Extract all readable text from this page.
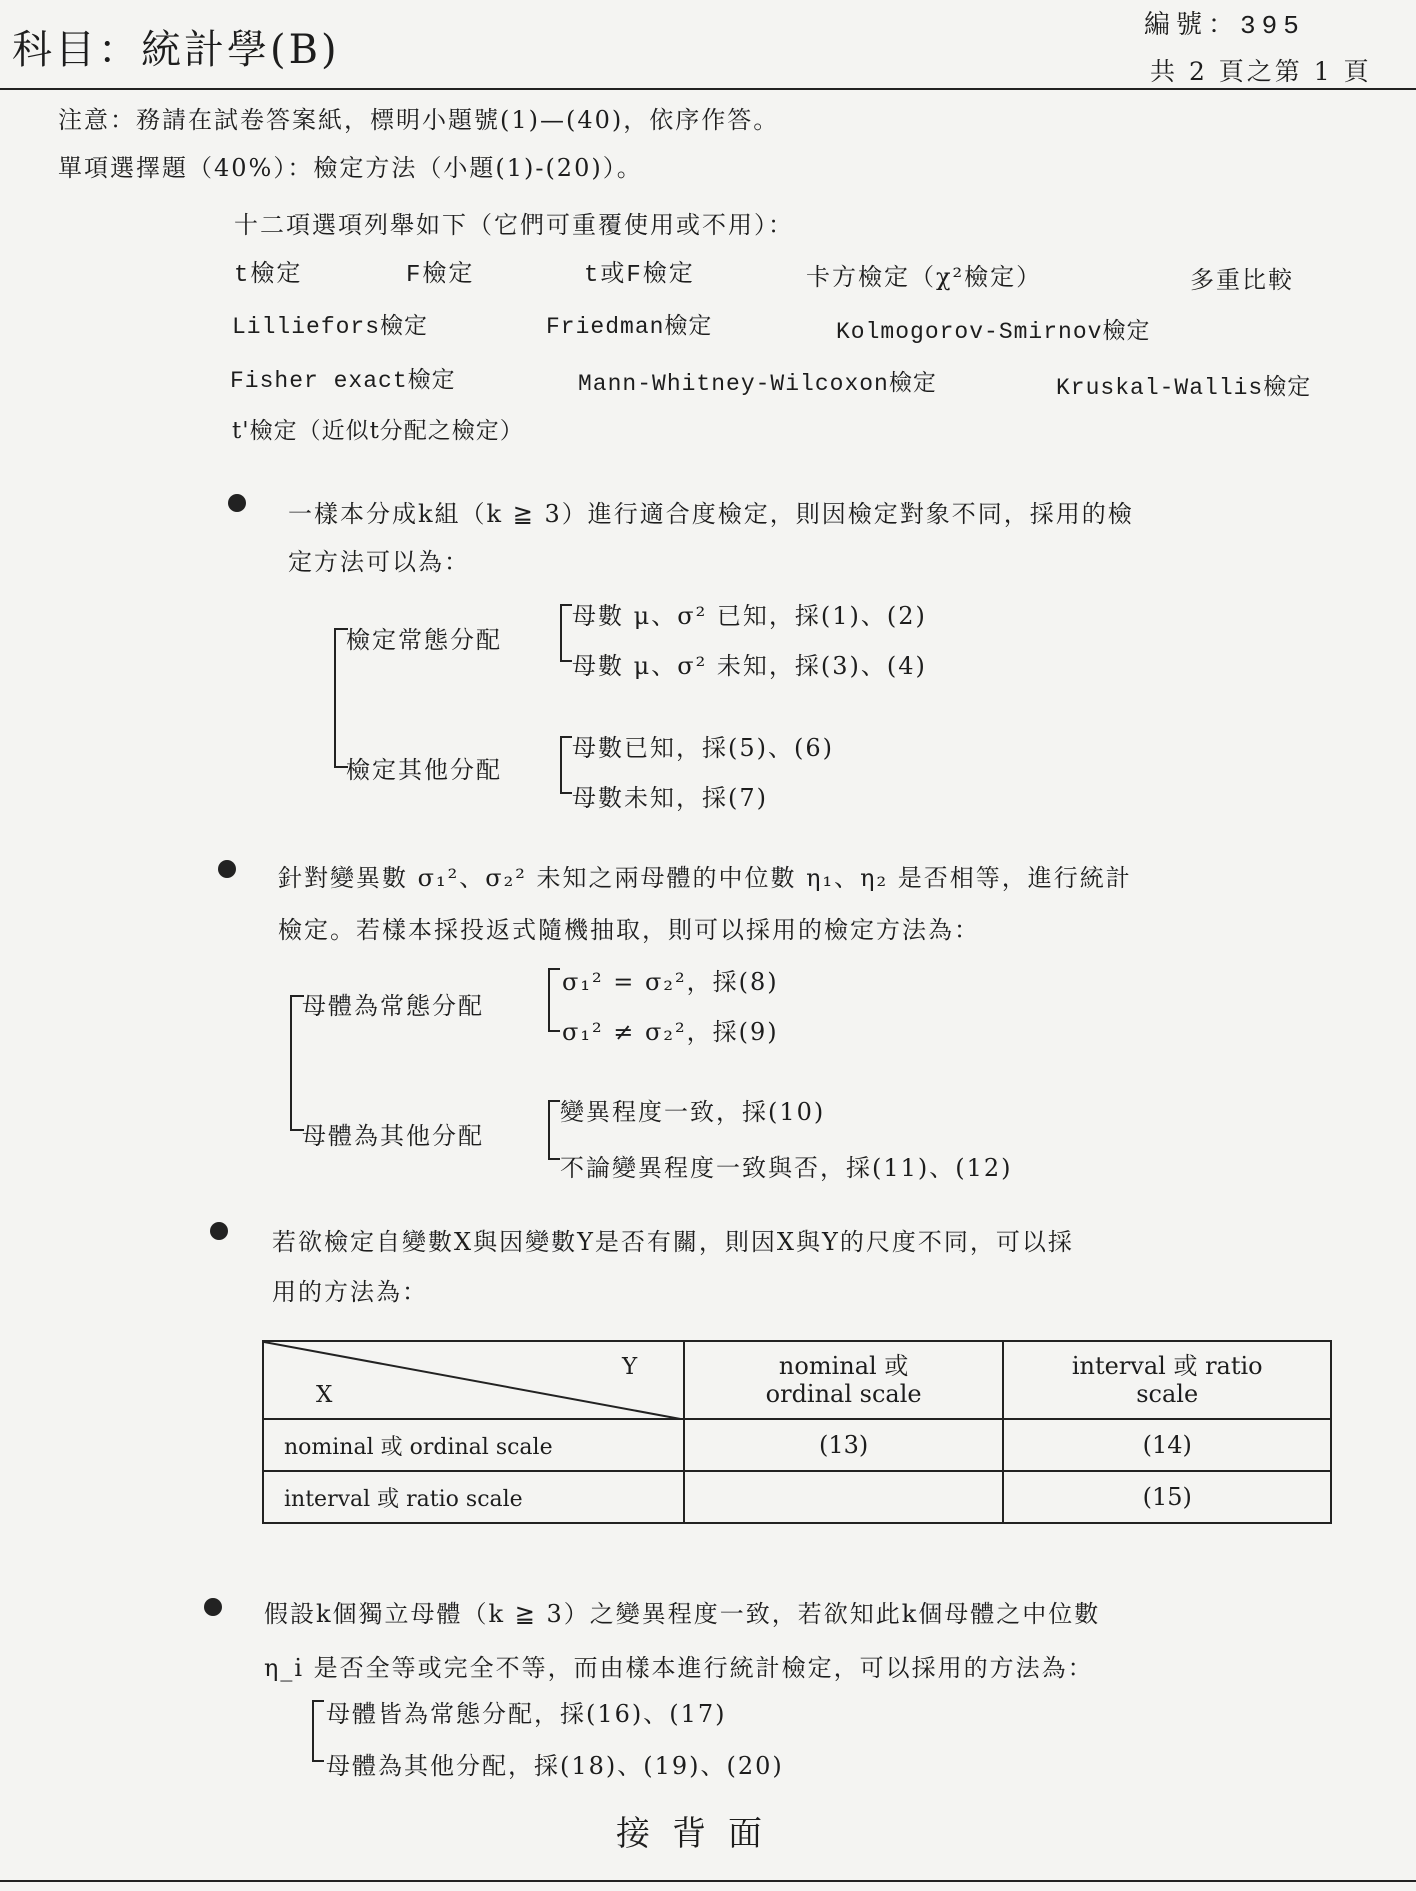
科目：統計學(B)
編號：395
共 2 頁之第 1 頁
注意：務請在試卷答案紙，標明小題號(1)—(40)，依序作答。
單項選擇題（40%）：檢定方法（小題(1)-(20)）。
十二項選項列舉如下（它們可重覆使用或不用）：
t檢定	F檢定	t或F檢定	卡方檢定（χ²檢定）	多重比較
Lilliefors檢定	Friedman檢定	Kolmogorov-Smirnov檢定
Fisher exact檢定	Mann-Whitney-Wilcoxon檢定	Kruskal-Wallis檢定
t'檢定（近似t分配之檢定）
一樣本分成k組（k ≧ 3）進行適合度檢定，則因檢定對象不同，採用的檢
定方法可以為：
檢定常態分配
母數 μ、σ² 已知，採(1)、(2)
母數 μ、σ² 未知，採(3)、(4)
檢定其他分配
母數已知，採(5)、(6)
母數未知，採(7)
針對變異數 σ₁²、σ₂² 未知之兩母體的中位數 η₁、η₂ 是否相等，進行統計
檢定。若樣本採投返式隨機抽取，則可以採用的檢定方法為：
母體為常態分配
σ₁² = σ₂²，採(8)
σ₁² ≠ σ₂²，採(9)
母體為其他分配
變異程度一致，採(10)
不論變異程度一致與否，採(11)、(12)
若欲檢定自變數X與因變數Y是否有關，則因X與Y的尺度不同，可以採
用的方法為：
Y
X	nominal 或 ordinal scale	interval 或 ratio scale

nominal 或 ordinal scale	(13)	(14)
interval 或 ratio scale		(15)
假設k個獨立母體（k ≧ 3）之變異程度一致，若欲知此k個母體之中位數
η_i 是否全等或完全不等，而由樣本進行統計檢定，可以採用的方法為：
母體皆為常態分配，採(16)、(17)
母體為其他分配，採(18)、(19)、(20)
接背面
